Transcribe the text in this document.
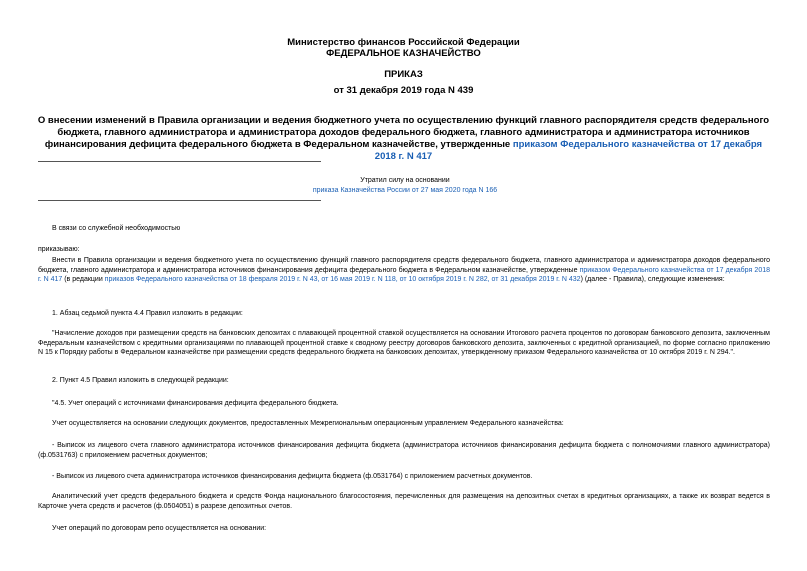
Министерство финансов Российской Федерации
ФЕДЕРАЛЬНОЕ КАЗНАЧЕЙСТВО
ПРИКАЗ
от 31 декабря 2019 года N 439
О внесении изменений в Правила организации и ведения бюджетного учета по осуществлению функций главного распорядителя средств федерального бюджета, главного администратора и администратора доходов федерального бюджета, главного администратора и администратора источников финансирования дефицита федерального бюджета в Федеральном казначействе, утвержденные приказом Федерального казначейства от 17 декабря 2018 г. N 417
Утратил силу на основании
приказа Казначейства России от 27 мая 2020 года N 166

В связи со служебной необходимостью

приказываю:

Внести в Правила организации и ведения бюджетного учета по осуществлению функций главного распорядителя средств федерального бюджета, главного администратора и администратора доходов федерального бюджета, главного администратора и администратора источников финансирования дефицита федерального бюджета в Федеральном казначействе, утвержденные приказом Федерального казначейства от 17 декабря 2018 г. N 417 (в редакции приказов Федерального казначейства от 18 февраля 2019 г. N 43, от 16 мая 2019 г. N 118, от 10 октября 2019 г. N 282, от 31 декабря 2019 г. N 432) (далее - Правила), следующие изменения:

1. Абзац седьмой пункта 4.4 Правил изложить в редакции:

"Начисление доходов при размещении средств на банковских депозитах с плавающей процентной ставкой осуществляется на основании Итогового расчета процентов по договорам банковского депозита, заключенным Федеральным казначейством с кредитными организациями по плавающей процентной ставке к сводному реестру договоров банковского депозита, заключенных с кредитной организацией, по форме согласно приложению N 15 к Порядку работы в Федеральном казначействе при размещении средств федерального бюджета на банковских депозитах, утвержденному приказом Федерального казначейства от 10 октября 2019 г. N 294.".

2. Пункт 4.5 Правил изложить в следующей редакции:

"4.5. Учет операций с источниками финансирования дефицита федерального бюджета.

Учет осуществляется на основании следующих документов, предоставленных Межрегиональным операционным управлением Федерального казначейства:

- Выписок из лицевого счета главного администратора источников финансирования дефицита бюджета (администратора источников финансирования дефицита бюджета с полномочиями главного администратора) (ф.0531763) с приложением расчетных документов;

- Выписок из лицевого счета администратора источников финансирования дефицита бюджета (ф.0531764) с приложением расчетных документов.

Аналитический учет средств федерального бюджета и средств Фонда национального благосостояния, перечисленных для размещения на депозитных счетах в кредитных организациях, а также их возврат ведется в Карточке учета средств и расчетов (ф.0504051) в разрезе депозитных счетов.

Учет операций по договорам репо осуществляется на основании:
